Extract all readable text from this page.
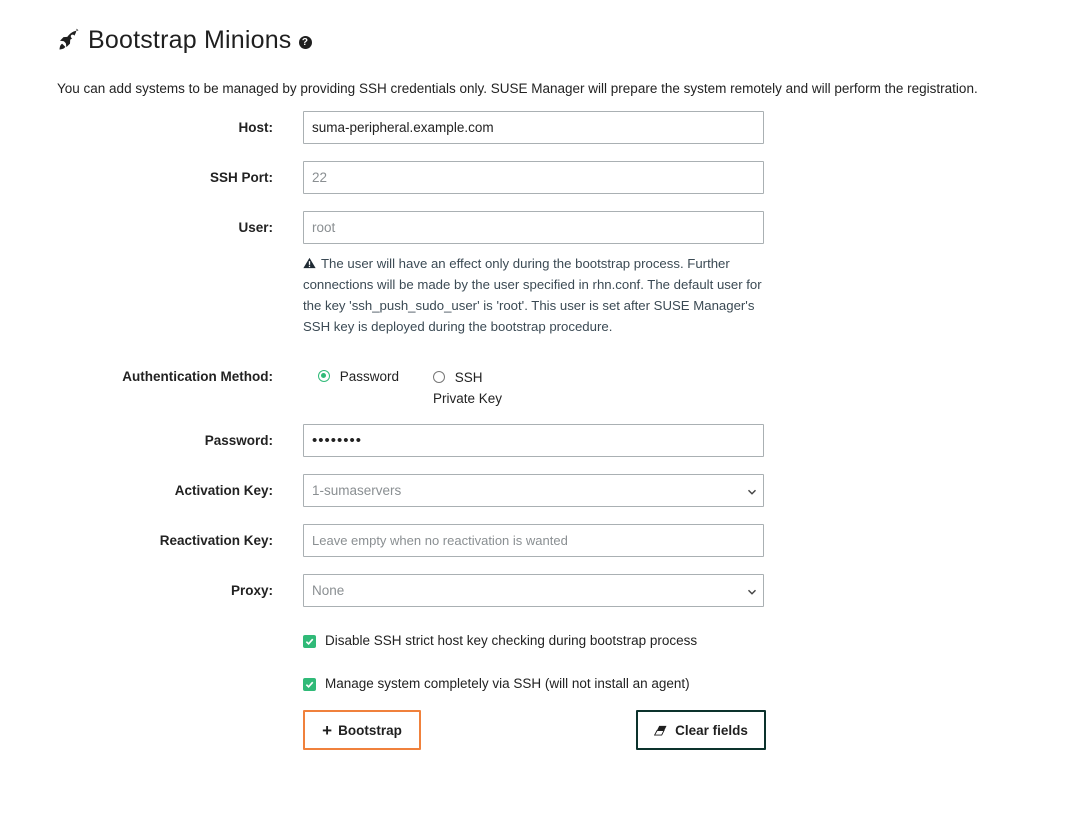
Bootstrap Minions	?
You can add systems to be managed by providing SSH credentials only. SUSE Manager will prepare the system remotely and will perform the registration.
Host:	suma-peripheral.example.com
SSH Port:	22
User:	root
The user will have an effect only during the bootstrap process. Further connections will be made by the user specified in rhn.conf. The default user for the key 'ssh_push_sudo_user' is 'root'. This user is set after SUSE Manager's SSH key is deployed during the bootstrap procedure.
Authentication Method:	Password	SSH Private Key
Password:	••••••••
Activation Key:	1-sumaservers
Reactivation Key:	Leave empty when no reactivation is wanted
Proxy:	None
Disable SSH strict host key checking during bootstrap process
Manage system completely via SSH (will not install an agent)
+ Bootstrap	Clear fields
